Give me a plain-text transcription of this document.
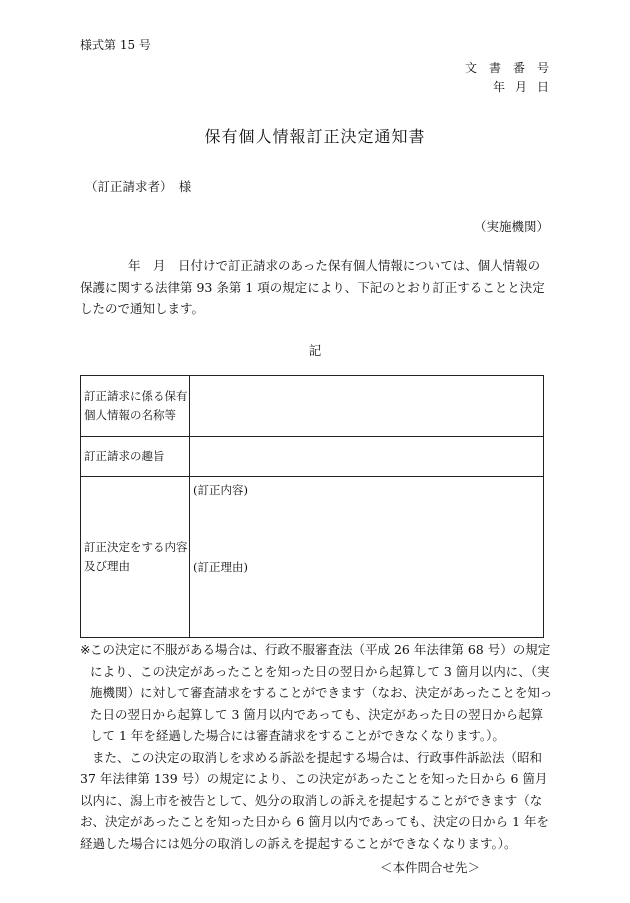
様式第 15 号
文書番号
年月日
保有個人情報訂正決定通知書
（訂正請求者）　様
（実施機関）
年　月　日付けで訂正請求のあった保有個人情報については、個人情報の保護に関する法律第 93 条第 1 項の規定により、下記のとおり訂正することと決定したので通知します。
記
訂正請求に係る保有個人情報の名称等	
訂正請求の趣旨	
訂正決定をする内容及び理由	(訂正内容)
(訂正理由)
※ この決定に不服がある場合は、行政不服審査法（平成 26 年法律第 68 号）の規定により、この決定があったことを知った日の翌日から起算して 3 箇月以内に、（実施機関）に対して審査請求をすることができます（なお、決定があったことを知った日の翌日から起算して 3 箇月以内であっても、決定があった日の翌日から起算して 1 年を経過した場合には審査請求をすることができなくなります。）。

また、この決定の取消しを求める訴訟を提起する場合は、行政事件訴訟法（昭和 37 年法律第 139 号）の規定により、この決定があったことを知った日から 6 箇月以内に、潟上市を被告として、処分の取消しの訴えを提起することができます（なお、決定があったことを知った日から 6 箇月以内であっても、決定の日から 1 年を経過した場合には処分の取消しの訴えを提起することができなくなります。）。

＜本件問合せ先＞
